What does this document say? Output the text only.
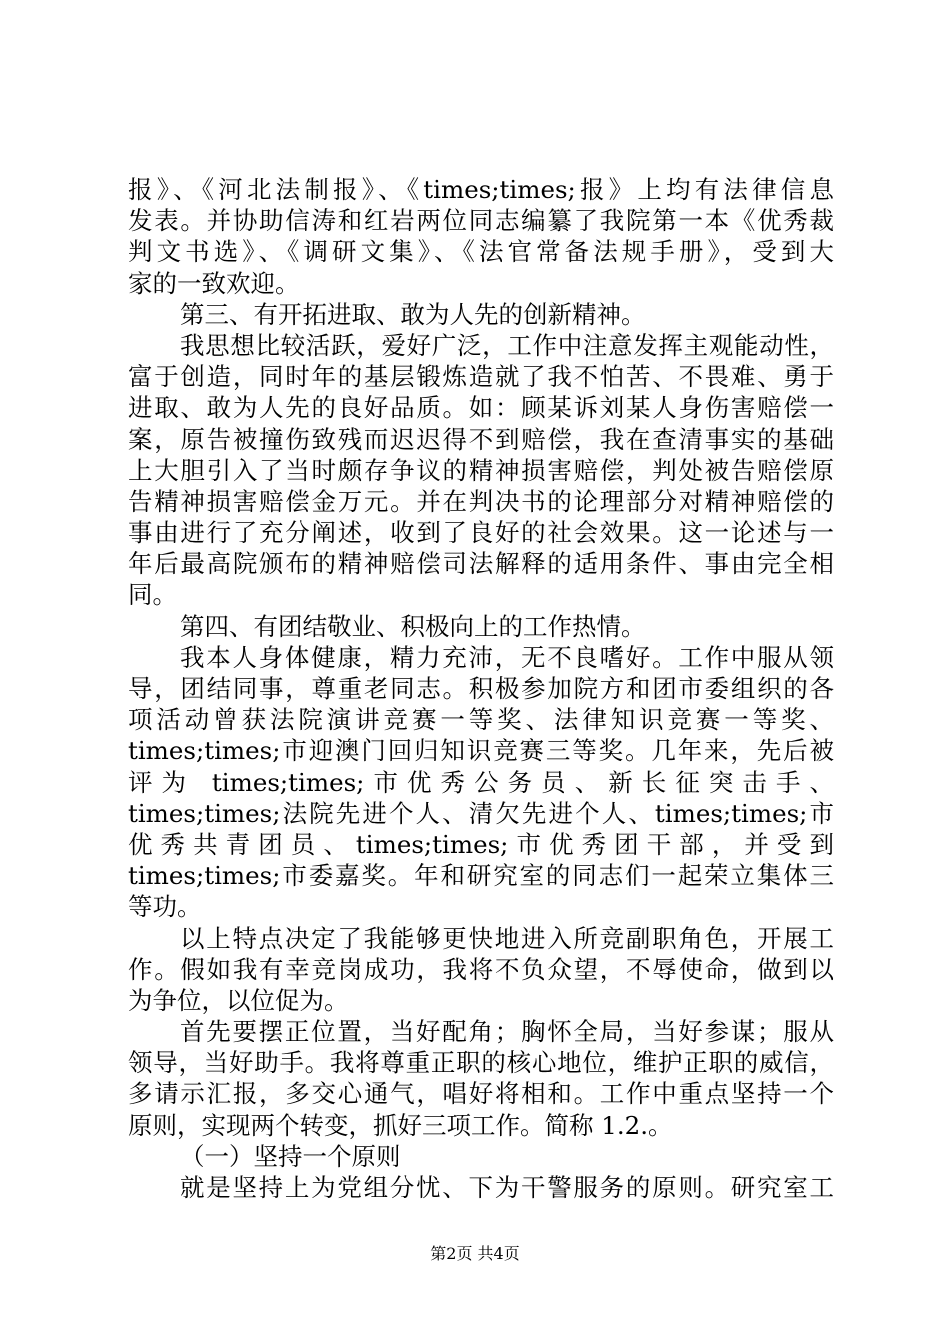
报》、《河北法制报》、《times;times;报》上均有法律信息
发表。并协助信涛和红岩两位同志编纂了我院第一本《优秀裁
判文书选》、《调研文集》、《法官常备法规手册》，受到大
家的一致欢迎。
第三、有开拓进取、敢为人先的创新精神。
我思想比较活跃，爱好广泛，工作中注意发挥主观能动性，
富于创造，同时年的基层锻炼造就了我不怕苦、不畏难、勇于
进取、敢为人先的良好品质。如：顾某诉刘某人身伤害赔偿一
案，原告被撞伤致残而迟迟得不到赔偿，我在查清事实的基础
上大胆引入了当时颇存争议的精神损害赔偿，判处被告赔偿原
告精神损害赔偿金万元。并在判决书的论理部分对精神赔偿的
事由进行了充分阐述，收到了良好的社会效果。这一论述与一
年后最高院颁布的精神赔偿司法解释的适用条件、事由完全相
同。
第四、有团结敬业、积极向上的工作热情。
我本人身体健康，精力充沛，无不良嗜好。工作中服从领
导，团结同事，尊重老同志。积极参加院方和团市委组织的各
项活动曾获法院演讲竞赛一等奖、法律知识竞赛一等奖、
times;times;市迎澳门回归知识竞赛三等奖。几年来，先后被
评为 times;times;市优秀公务员、新长征突击手、
times;times;法院先进个人、清欠先进个人、times;times;市
优秀共青团员、times;times;市优秀团干部，并受到
times;times;市委嘉奖。年和研究室的同志们一起荣立集体三
等功。
以上特点决定了我能够更快地进入所竞副职角色，开展工
作。假如我有幸竞岗成功，我将不负众望，不辱使命，做到以
为争位，以位促为。
首先要摆正位置，当好配角；胸怀全局，当好参谋；服从
领导，当好助手。我将尊重正职的核心地位，维护正职的威信，
多请示汇报，多交心通气，唱好将相和。工作中重点坚持一个
原则，实现两个转变，抓好三项工作。简称 1.2.。
（一）坚持一个原则
就是坚持上为党组分忧、下为干警服务的原则。研究室工
第2页 共4页
